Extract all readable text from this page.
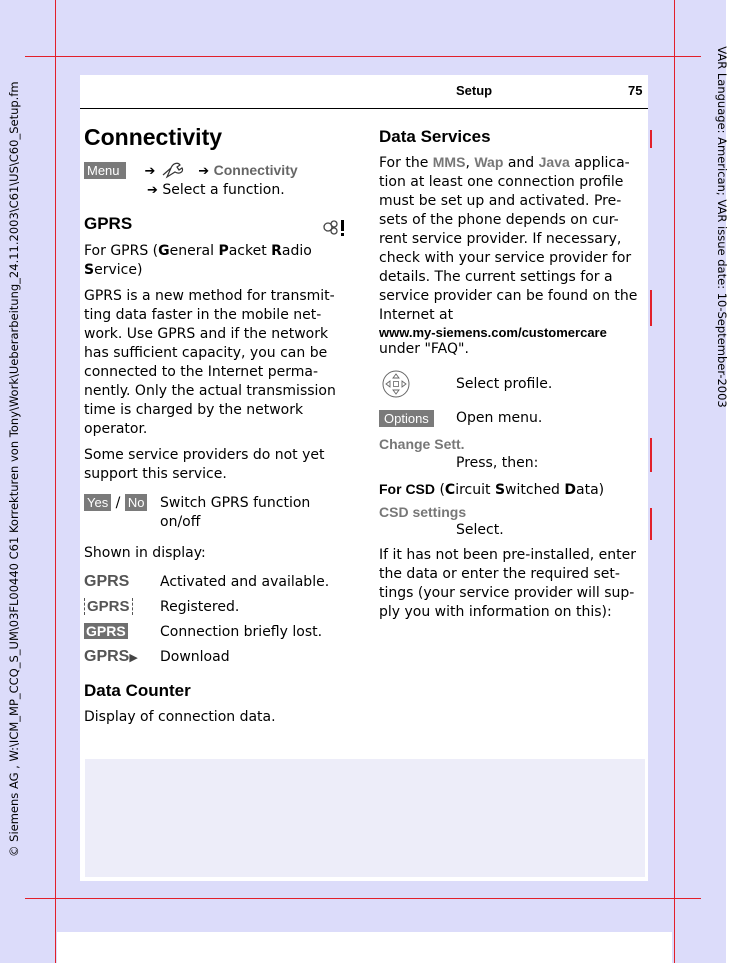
© Siemens AG , W:\ICM_MP_CCQ_S_UM\03FL00440 C61 Korrekturen von Tony\Work\Ueberarbeitung_24.11.2003\C61\US\C60_Setup.fm	VAR Language: American; VAR issue date: 10-September-2003
Setup	75
Connectivity
Menu ➔	➔ Connectivity
➔ Select a function.
GPRS

For GPRS (General Packet Radio
Service)

GPRS is a new method for transmit-ting data faster in the mobile net-work. Use GPRS and if the network has sufficient capacity, you can be connected to the Internet perma-nently. Only the actual transmission time is charged by the network operator.

Some service providers do not yet support this service.

Yes / No Switch GPRS function on/off
Shown in display:
GPRS Activated and available.
GPRS Registered.
GPRS Connection briefly lost.
GPRS▶ Download
Data Counter
Display of connection data.
Data Services

For the MMS, Wap and Java applica-tion at least one connection profile must be set up and activated. Pre-sets of the phone depends on cur-rent service provider. If necessary, check with your service provider for details. The current settings for a service provider can be found on the Internet at

www.my-siemens.com/customercare

under "FAQ".

Select profile.
Options	Open menu.
Change Sett.
Press, then:
For CSD (Circuit Switched Data)
CSD settings
Select.
If it has not been pre-installed, enter the data or enter the required set-tings (your service provider will sup-ply you with information on this):
